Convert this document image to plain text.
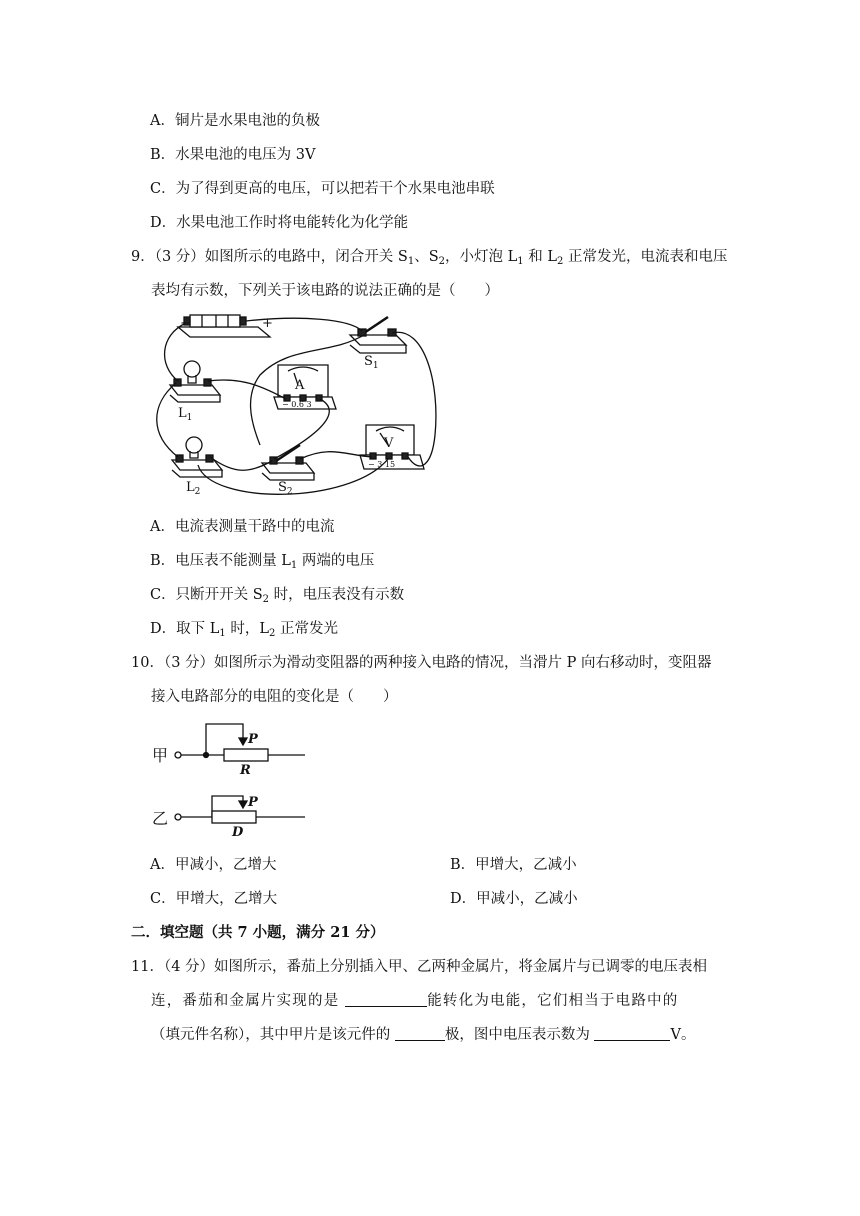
A．铜片是水果电池的负极
B．水果电池的电压为 3V
C．为了得到更高的电压，可以把若干个水果电池串联
D．水果电池工作时将电能转化为化学能
9．（3 分）如图所示的电路中，闭合开关 $S_1$、$S_2$，小灯泡 $L_1$ 和 $L_2$ 正常发光，电流表和电压
表均有示数，下列关于该电路的说法正确的是（　　）
−	+
$S_1$
$L_1$
A
− 0.6 3
$L_2$	$S_2$
V
− 3 15
A．电流表测量干路中的电流
B．电压表不能测量 $L_1$ 两端的电压
C．只断开开关 $S_2$ 时，电压表没有示数
D．取下 $L_1$ 时，$L_2$ 正常发光
10．（3 分）如图所示为滑动变阻器的两种接入电路的情况，当滑片 P 向右移动时，变阻器
接入电路部分的电阻的变化是（　　）
甲
P
R
乙
P
D
A．甲减小，乙增大	B．甲增大，乙减小
C．甲增大，乙增大	D．甲减小，乙减小
二．填空题（共 7 小题，满分 21 分）
11．（4 分）如图所示，番茄上分别插入甲、乙两种金属片，将金属片与已调零的电压表相
连，番茄和金属片实现的是	能转化为电能，它们相当于电路中的
（填元件名称），其中甲片是该元件的	极，图中电压表示数为	V。
